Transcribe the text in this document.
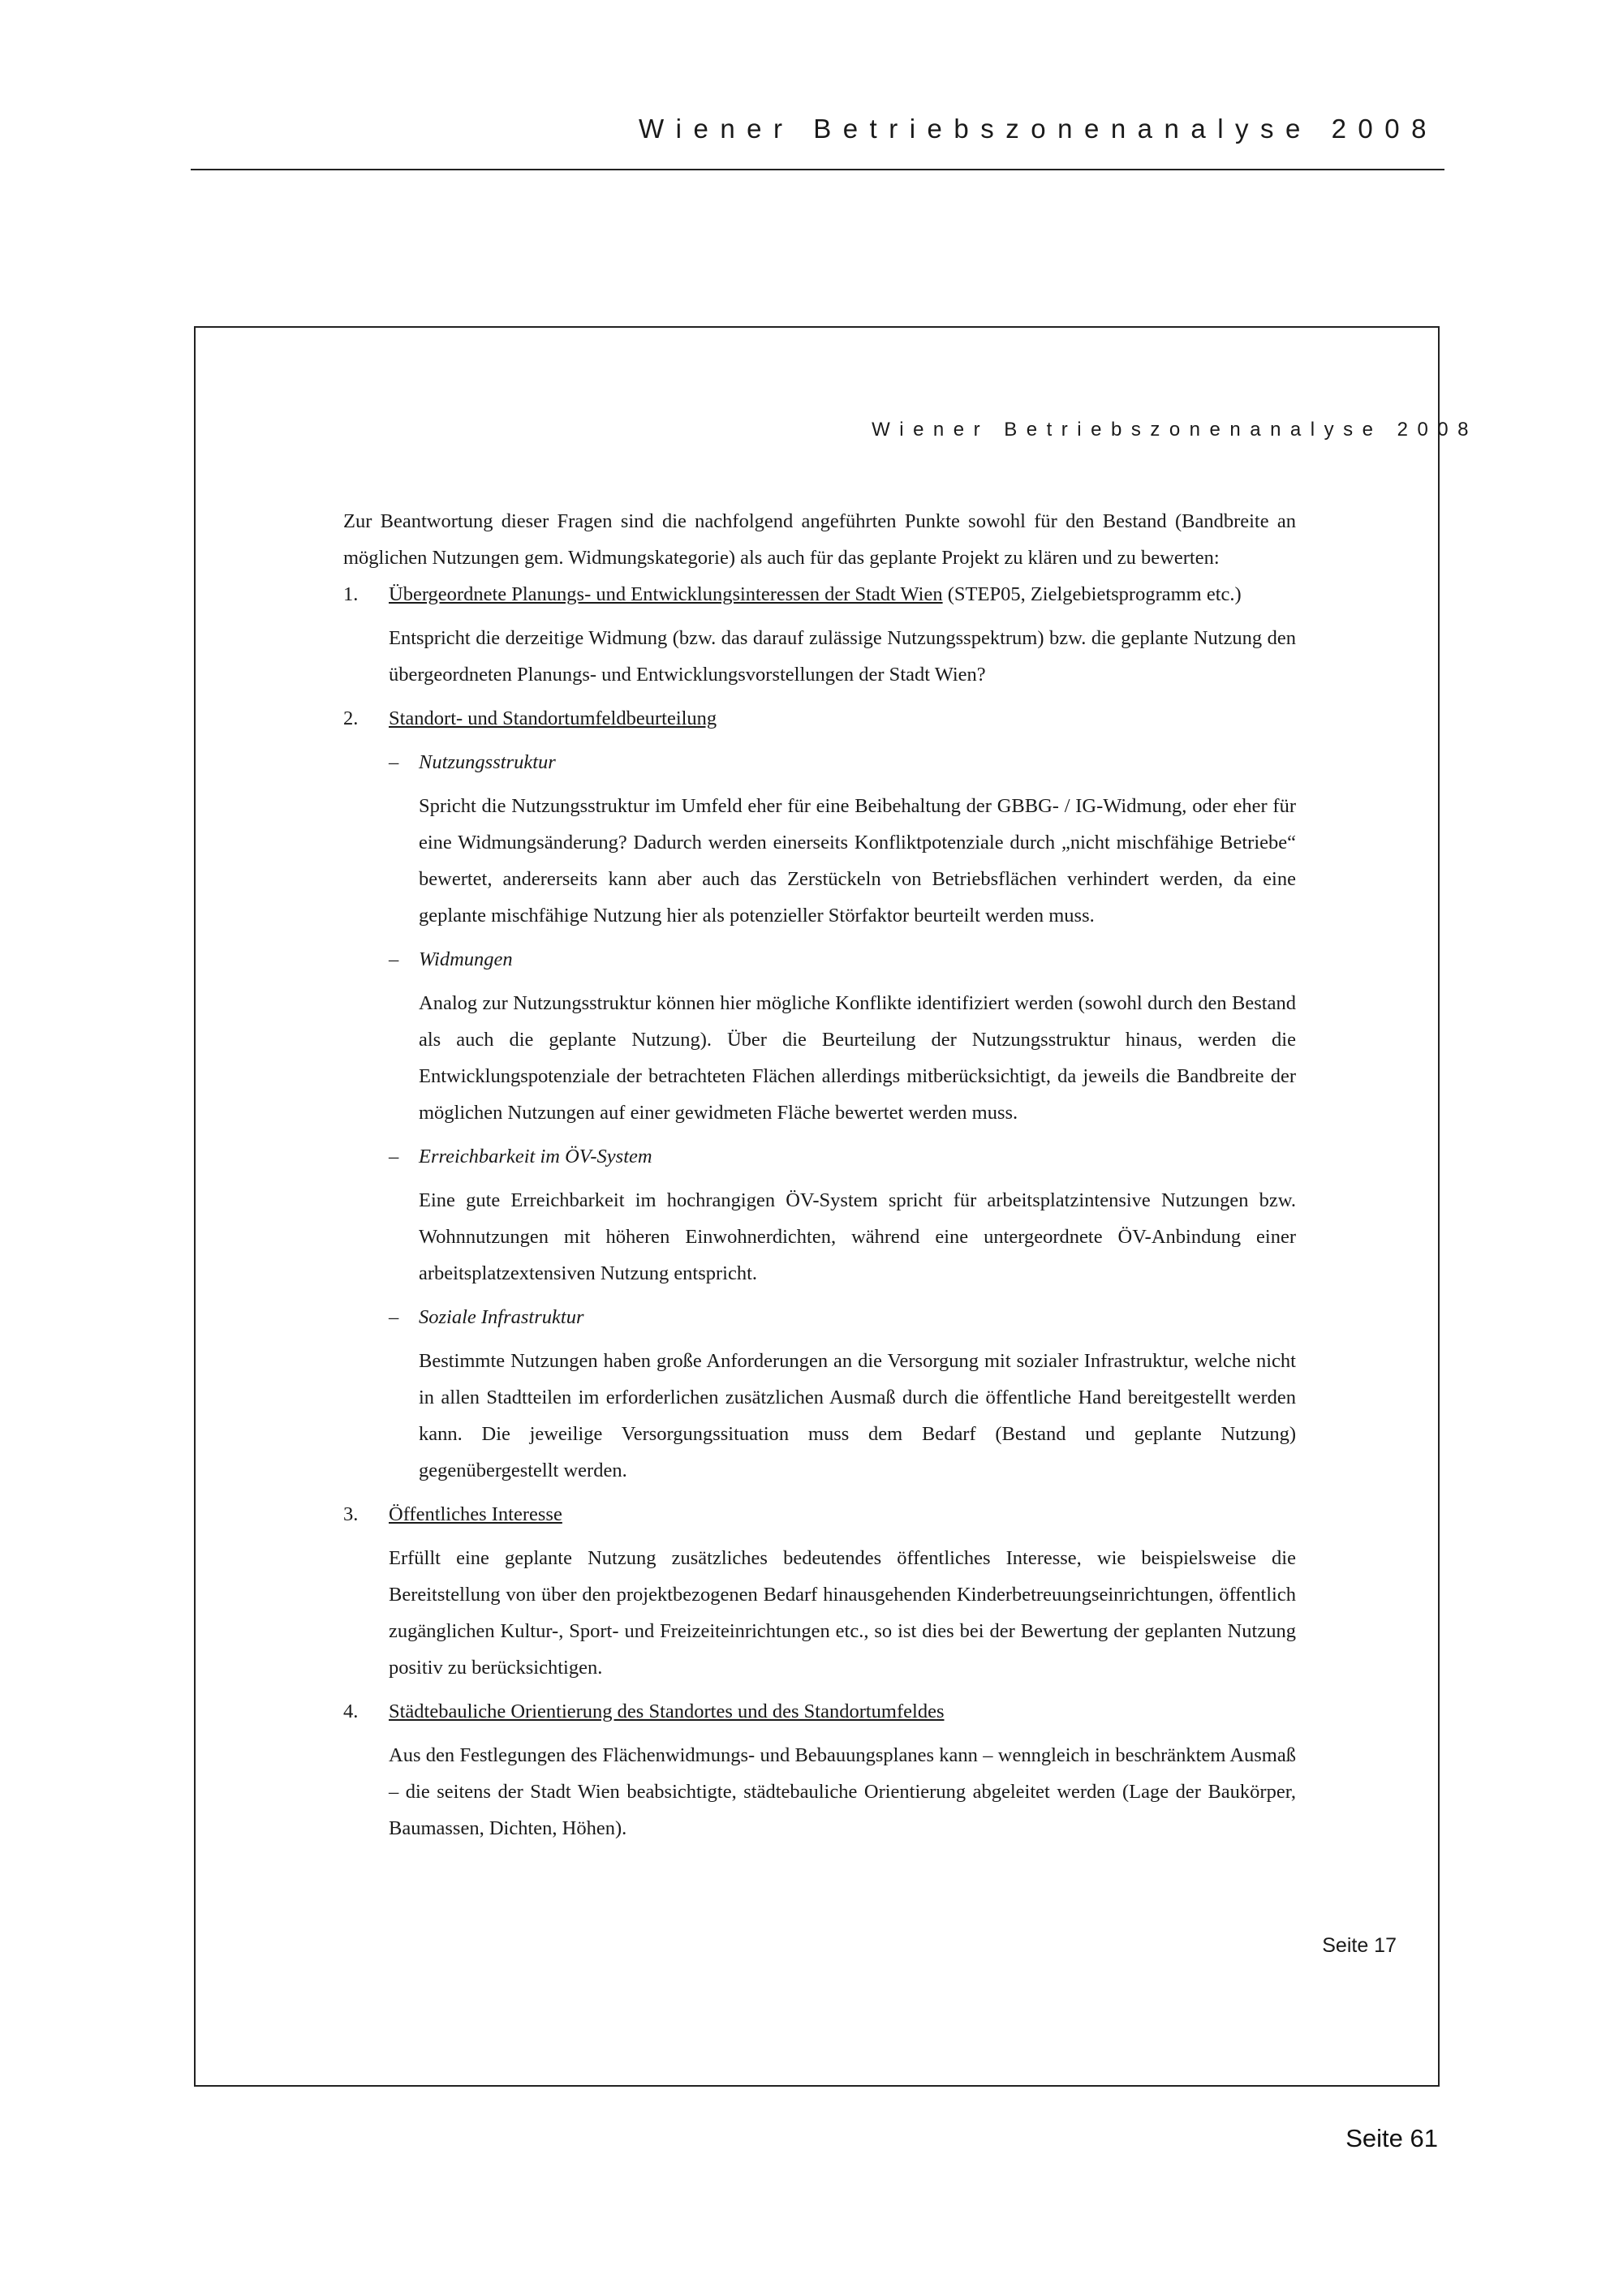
Wiener Betriebszonenanalyse 2008
Wiener Betriebszonenanalyse 2008

Zur Beantwortung dieser Fragen sind die nachfolgend angeführten Punkte sowohl für den Bestand (Bandbreite an möglichen Nutzungen gem. Widmungskategorie) als auch für das geplante Projekt zu klären und zu bewerten:

1. Übergeordnete Planungs- und Entwicklungsinteressen der Stadt Wien (STEP05, Zielgebietsprogramm etc.)

Entspricht die derzeitige Widmung (bzw. das darauf zulässige Nutzungsspektrum) bzw. die geplante Nutzung den übergeordneten Planungs- und Entwicklungsvorstellungen der Stadt Wien?

2. Standort- und Standortumfeldbeurteilung

– Nutzungsstruktur

Spricht die Nutzungsstruktur im Umfeld eher für eine Beibehaltung der GBBG- / IG-Widmung, oder eher für eine Widmungsänderung? Dadurch werden einerseits Konfliktpotenziale durch „nicht mischfähige Betriebe“ bewertet, andererseits kann aber auch das Zerstückeln von Betriebsflächen verhindert werden, da eine geplante mischfähige Nutzung hier als potenzieller Störfaktor beurteilt werden muss.

– Widmungen

Analog zur Nutzungsstruktur können hier mögliche Konflikte identifiziert werden (sowohl durch den Bestand als auch die geplante Nutzung). Über die Beurteilung der Nutzungsstruktur hinaus, werden die Entwicklungspotenziale der betrachteten Flächen allerdings mitberücksichtigt, da jeweils die Bandbreite der möglichen Nutzungen auf einer gewidmeten Fläche bewertet werden muss.

– Erreichbarkeit im ÖV-System

Eine gute Erreichbarkeit im hochrangigen ÖV-System spricht für arbeitsplatzintensive Nutzungen bzw. Wohnnutzungen mit höheren Einwohnerdichten, während eine untergeordnete ÖV-Anbindung einer arbeitsplatzextensiven Nutzung entspricht.

– Soziale Infrastruktur

Bestimmte Nutzungen haben große Anforderungen an die Versorgung mit sozialer Infrastruktur, welche nicht in allen Stadtteilen im erforderlichen zusätzlichen Ausmaß durch die öffentliche Hand bereitgestellt werden kann. Die jeweilige Versorgungssituation muss dem Bedarf (Bestand und geplante Nutzung) gegenübergestellt werden.

3. Öffentliches Interesse

Erfüllt eine geplante Nutzung zusätzliches bedeutendes öffentliches Interesse, wie beispielsweise die Bereitstellung von über den projektbezogenen Bedarf hinausgehenden Kinderbetreuungseinrichtungen, öffentlich zugänglichen Kultur-, Sport- und Freizeiteinrichtungen etc., so ist dies bei der Bewertung der geplanten Nutzung positiv zu berücksichtigen.

4. Städtebauliche Orientierung des Standortes und des Standortumfeldes

Aus den Festlegungen des Flächenwidmungs- und Bebauungsplanes kann – wenngleich in beschränktem Ausmaß – die seitens der Stadt Wien beabsichtigte, städtebauliche Orientierung abgeleitet werden (Lage der Baukörper, Baumassen, Dichten, Höhen).

Seite 17
Seite 61
